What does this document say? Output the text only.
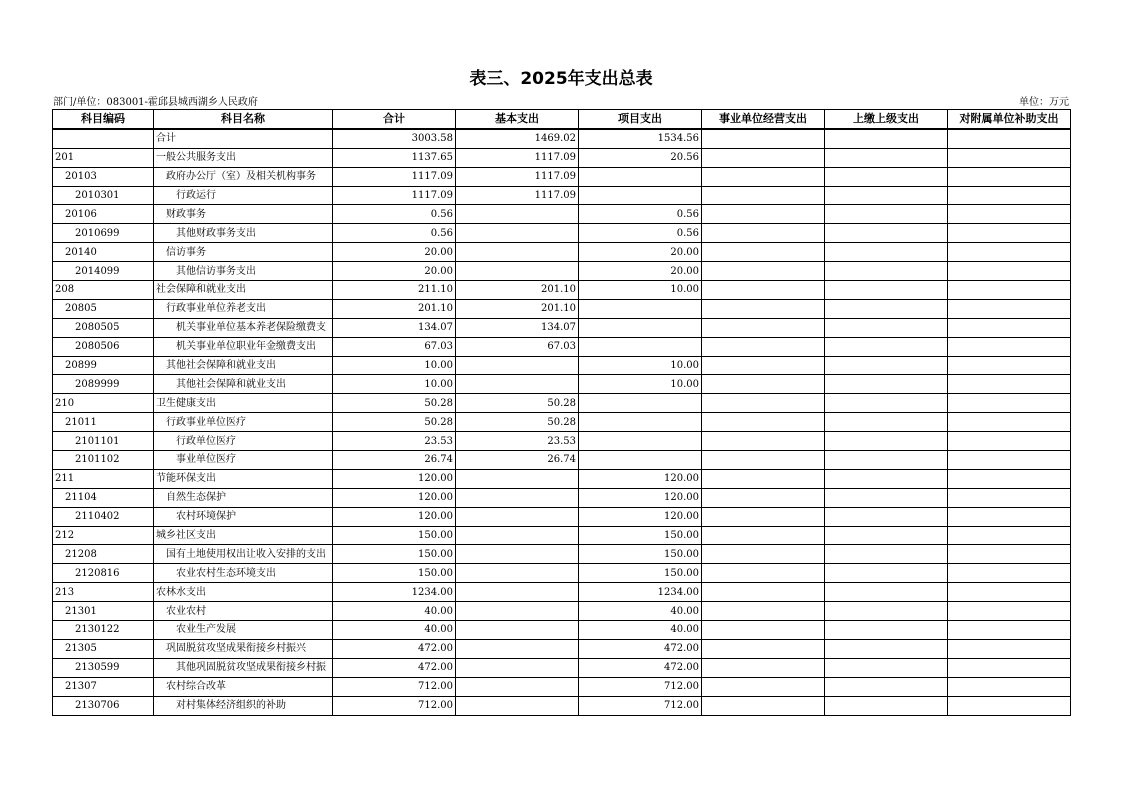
表三、2025年支出总表
部门/单位：083001-霍邱县城西湖乡人民政府	单位：万元
科目编码	科目名称	合计	基本支出	项目支出	事业单位经营支出	上缴上级支出	对附属单位补助支出
	合计	3003.58	1469.02	1534.56			
201	一般公共服务支出	1137.65	1117.09	20.56			
20103	政府办公厅（室）及相关机构事务	1117.09	1117.09				
2010301	行政运行	1117.09	1117.09				
20106	财政事务	0.56		0.56			
2010699	其他财政事务支出	0.56		0.56			
20140	信访事务	20.00		20.00			
2014099	其他信访事务支出	20.00		20.00			
208	社会保障和就业支出	211.10	201.10	10.00			
20805	行政事业单位养老支出	201.10	201.10				
2080505	机关事业单位基本养老保险缴费支	134.07	134.07				
2080506	机关事业单位职业年金缴费支出	67.03	67.03				
20899	其他社会保障和就业支出	10.00		10.00			
2089999	其他社会保障和就业支出	10.00		10.00			
210	卫生健康支出	50.28	50.28				
21011	行政事业单位医疗	50.28	50.28				
2101101	行政单位医疗	23.53	23.53				
2101102	事业单位医疗	26.74	26.74				
211	节能环保支出	120.00		120.00			
21104	自然生态保护	120.00		120.00			
2110402	农村环境保护	120.00		120.00			
212	城乡社区支出	150.00		150.00			
21208	国有土地使用权出让收入安排的支出	150.00		150.00			
2120816	农业农村生态环境支出	150.00		150.00			
213	农林水支出	1234.00		1234.00			
21301	农业农村	40.00		40.00			
2130122	农业生产发展	40.00		40.00			
21305	巩固脱贫攻坚成果衔接乡村振兴	472.00		472.00			
2130599	其他巩固脱贫攻坚成果衔接乡村振	472.00		472.00			
21307	农村综合改革	712.00		712.00			
2130706	对村集体经济组织的补助	712.00		712.00			
